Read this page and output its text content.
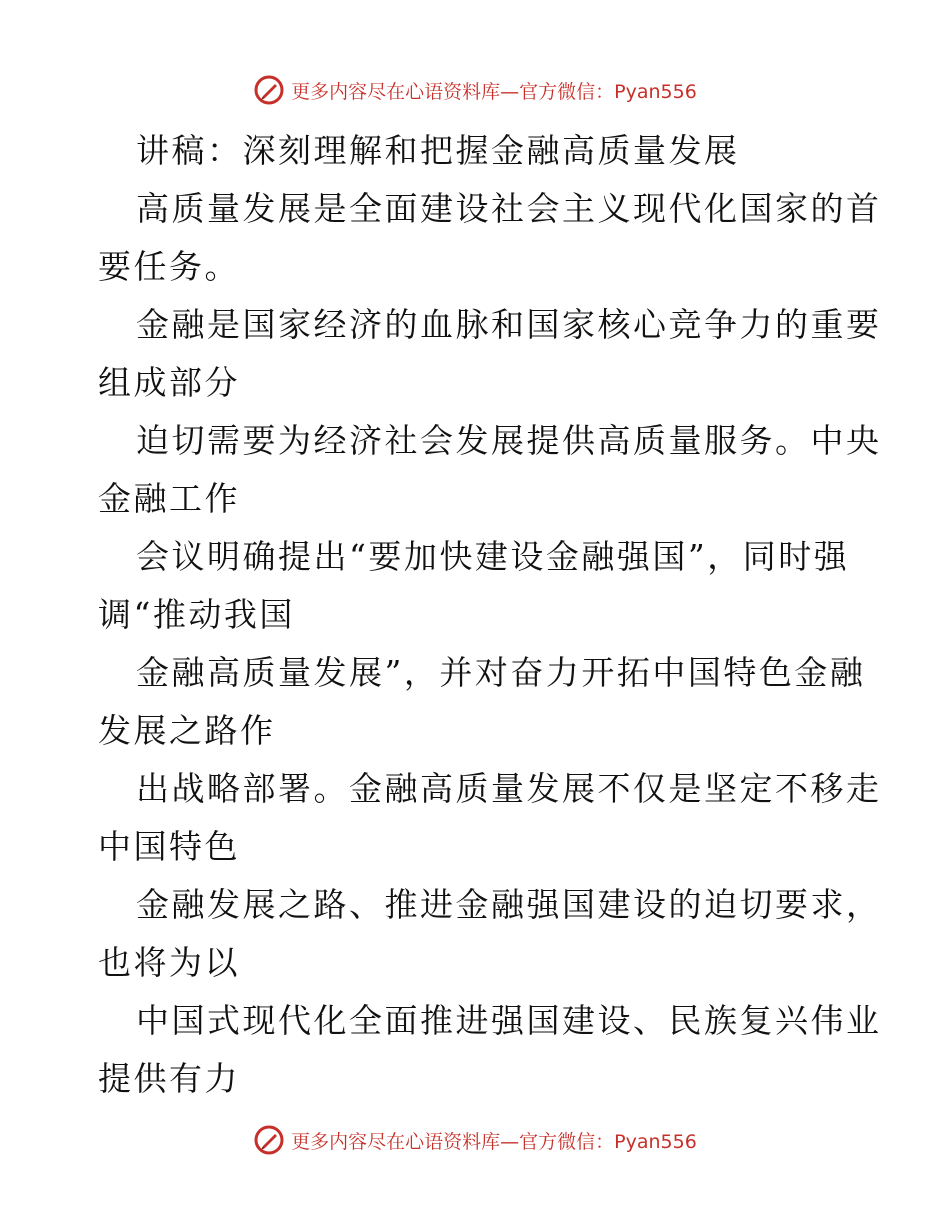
更多内容尽在心语资料库—官方微信：Pyan556

讲稿：深刻理解和把握金融高质量发展

高质量发展是全面建设社会主义现代化国家的首

要任务。

金融是国家经济的血脉和国家核心竞争力的重要

组成部分

迫切需要为经济社会发展提供高质量服务。中央

金融工作

会议明确提出“要加快建设金融强国”，同时强

调“推动我国

金融高质量发展”，并对奋力开拓中国特色金融

发展之路作

出战略部署。金融高质量发展不仅是坚定不移走

中国特色

金融发展之路、推进金融强国建设的迫切要求，

也将为以

中国式现代化全面推进强国建设、民族复兴伟业

提供有力

更多内容尽在心语资料库—官方微信：Pyan556
